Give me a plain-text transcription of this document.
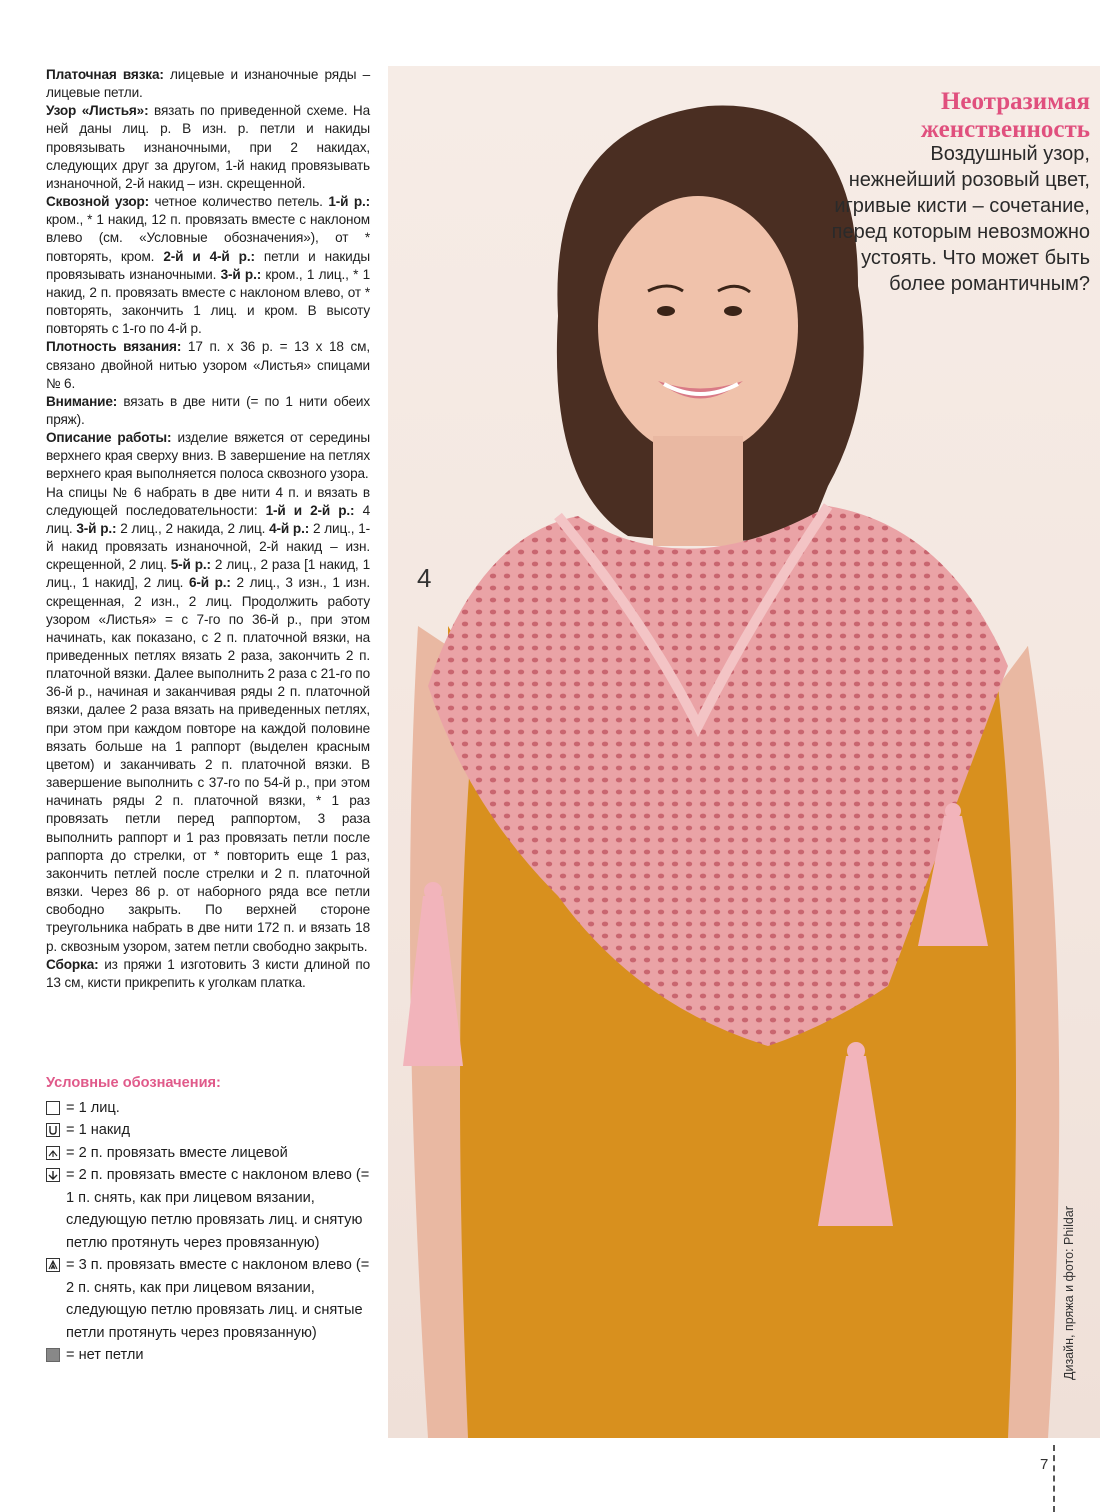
Платочная вязка: лицевые и изнаночные ряды – лицевые петли.

Узор «Листья»: вязать по приведенной схеме. На ней даны лиц. р. В изн. р. петли и накиды провязывать изнаночными, при 2 накидах, следующих друг за другом, 1-й накид провязывать изнаночной, 2-й накид – изн. скрещенной.

Сквозной узор: четное количество петель. 1-й р.: кром., * 1 накид, 12 п. провязать вместе с наклоном влево (см. «Условные обозначения»), от * повторять, кром. 2-й и 4-й р.: петли и накиды провязывать изнаночными. 3-й р.: кром., 1 лиц., * 1 накид, 2 п. провязать вместе с наклоном влево, от * повторять, закончить 1 лиц. и кром. В высоту повторять с 1-го по 4-й р.

Плотность вязания: 17 п. х 36 р. = 13 х 18 см, связано двойной нитью узором «Листья» спицами № 6.

Внимание: вязать в две нити (= по 1 нити обеих пряж).

Описание работы: изделие вяжется от середины верхнего края сверху вниз. В завершение на петлях верхнего края выполняется полоса сквозного узора.

На спицы № 6 набрать в две нити 4 п. и вязать в следующей последовательности: 1-й и 2-й р.: 4 лиц. 3-й р.: 2 лиц., 2 накида, 2 лиц. 4-й р.: 2 лиц., 1-й накид провязать изнаночной, 2-й накид – изн. скрещенной, 2 лиц. 5-й р.: 2 лиц., 2 раза [1 накид, 1 лиц., 1 накид], 2 лиц. 6-й р.: 2 лиц., 3 изн., 1 изн. скрещенная, 2 изн., 2 лиц. Продолжить работу узором «Листья» = с 7-го по 36-й р., при этом начинать, как показано, с 2 п. платочной вязки, на приведенных петлях вязать 2 раза, закончить 2 п. платочной вязки. Далее выполнить 2 раза с 21-го по 36-й р., начиная и заканчивая ряды 2 п. платочной вязки, далее 2 раза вязать на приведенных петлях, при этом при каждом повторе на каждой половине вязать больше на 1 раппорт (выделен красным цветом) и заканчивать 2 п. платочной вязки. В завершение выполнить с 37-го по 54-й р., при этом начинать ряды 2 п. платочной вязки, * 1 раз провязать петли перед раппортом, 3 раза выполнить раппорт и 1 раз провязать петли после раппорта до стрелки, от * повторить еще 1 раз, закончить петлей после стрелки и 2 п. платочной вязки. Через 86 р. от наборного ряда все петли свободно закрыть. По верхней стороне треугольника набрать в две нити 172 п. и вязать 18 р. сквозным узором, затем петли свободно закрыть.

Сборка: из пряжи 1 изготовить 3 кисти длиной по 13 см, кисти прикрепить к уголкам платка.

Условные обозначения:
= 1 лиц.
= 1 накид
= 2 п. провязать вместе лицевой
= 2 п. провязать вместе с наклоном влево (= 1 п. снять, как при лицевом вязании, следующую петлю провязать лиц. и снятую петлю протянуть через провязанную)
= 3 п. провязать вместе с наклоном влево (= 2 п. снять, как при лицевом вязании, следующую петлю провязать лиц. и снятые петли протянуть через провязанную)
= нет петли
Неотразимая женственность
Воздушный узор, нежнейший розовый цвет, игривые кисти – сочетание, перед которым невозможно устоять. Что может быть более романтичным?
4
Дизайн, пряжа и фото: Phildar
7
